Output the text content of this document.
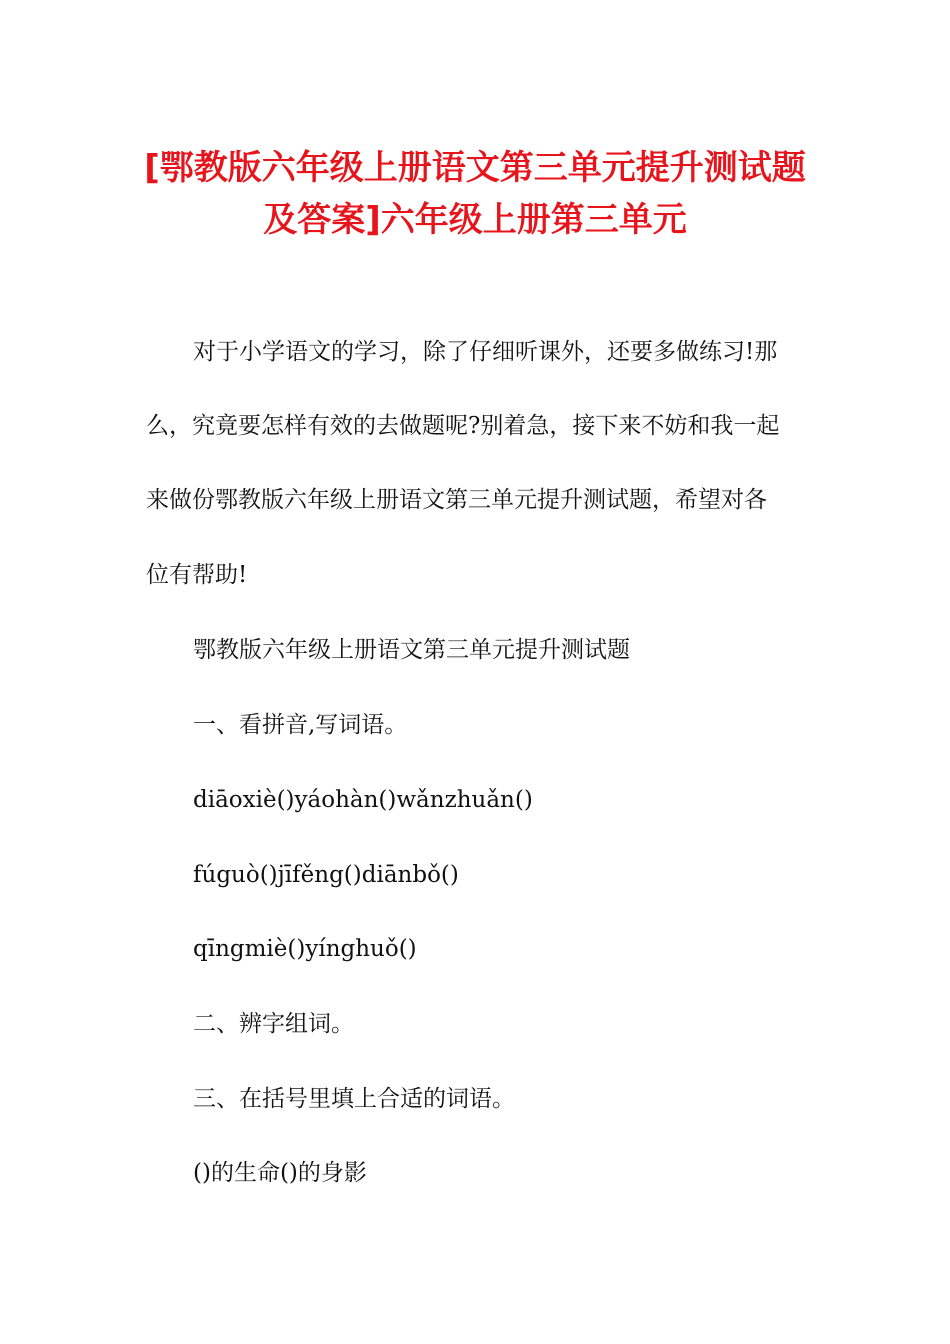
[鄂教版六年级上册语文第三单元提升测试题
及答案]六年级上册第三单元
对于小学语文的学习，除了仔细听课外，还要多做练习!那
么，究竟要怎样有效的去做题呢?别着急，接下来不妨和我一起
来做份鄂教版六年级上册语文第三单元提升测试题，希望对各
位有帮助!
鄂教版六年级上册语文第三单元提升测试题
一、看拼音,写词语。
diāoxiè()yáohàn()wǎnzhuǎn()
fúguò()jīfěng()diānbǒ()
qīngmiè()yínghuǒ()
二、辨字组词。
三、在括号里填上合适的词语。
()的生命()的身影
